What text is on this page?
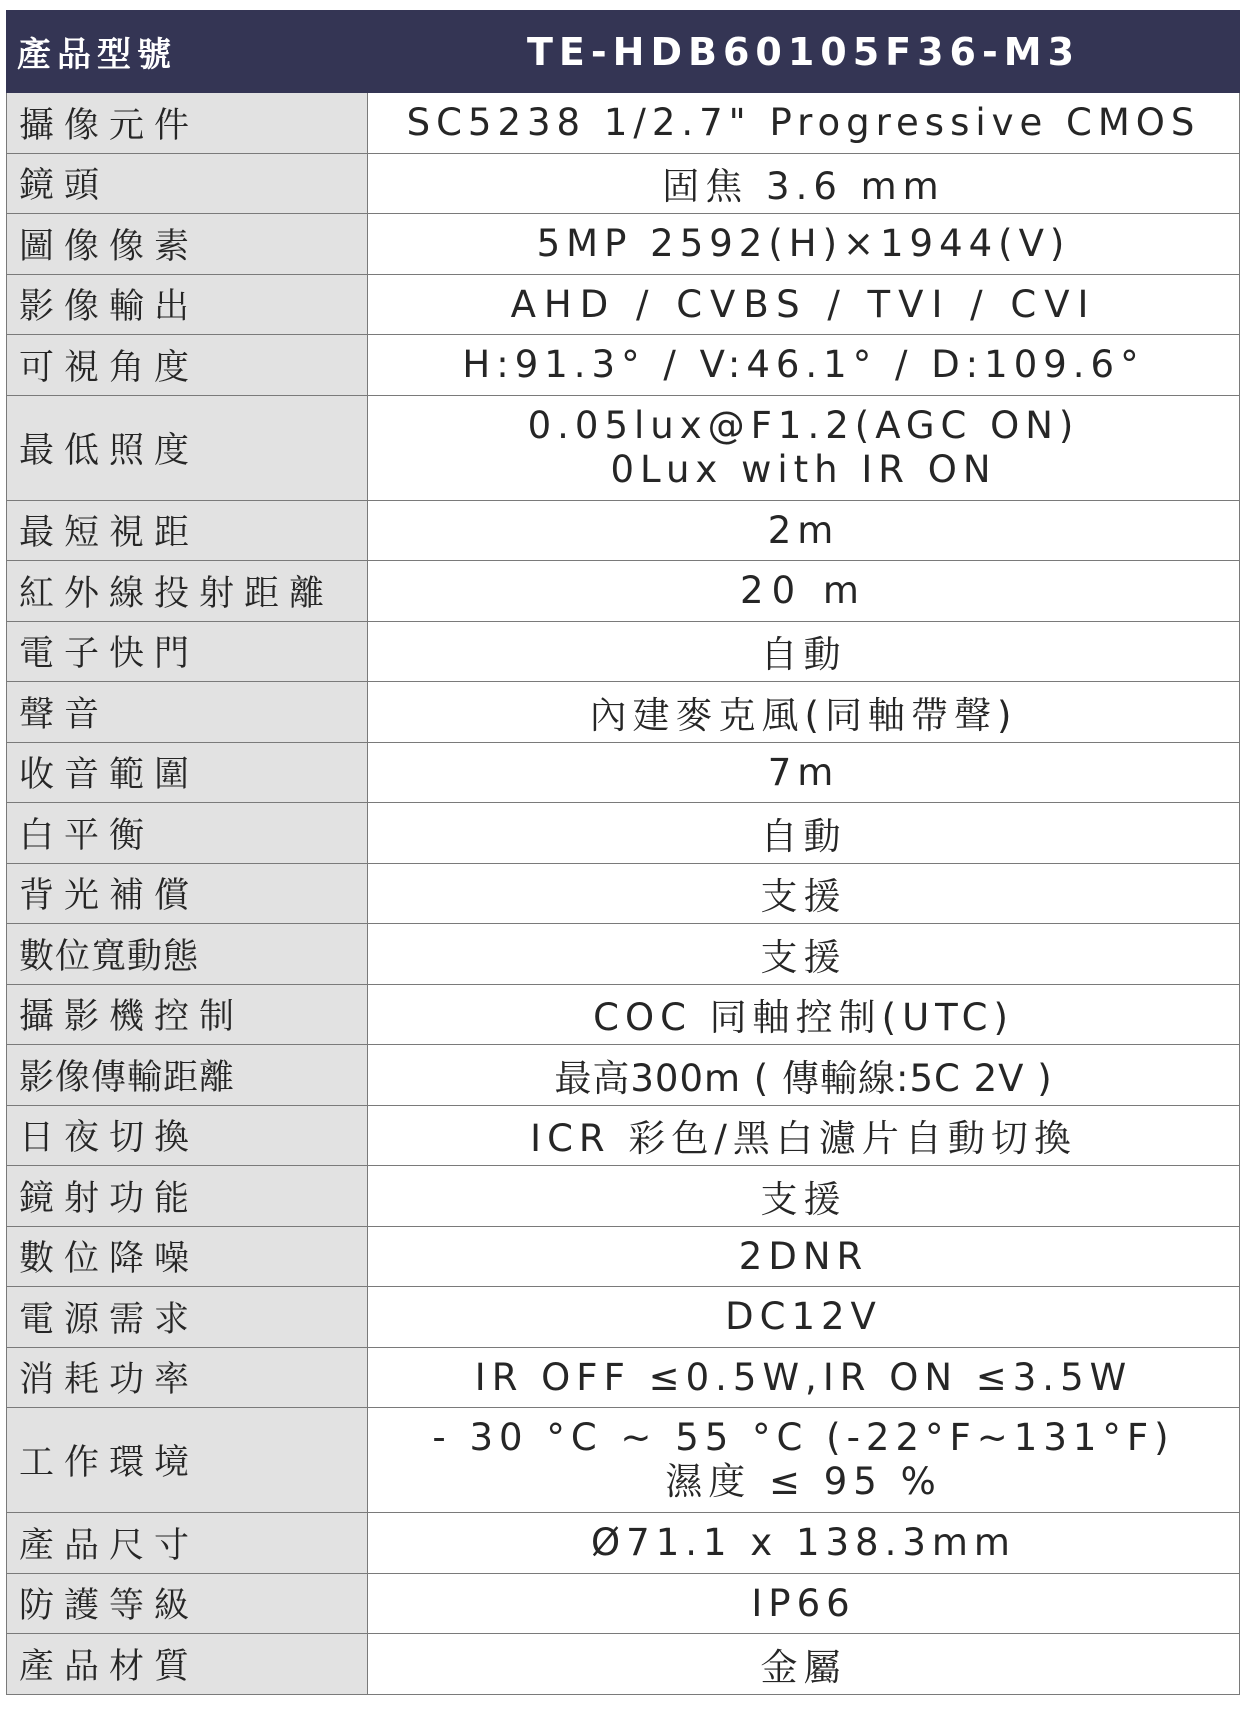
產品型號	TE-HDB60105F36-M3
攝像元件	SC5238 1/2.7" Progressive CMOS
鏡頭	固焦 3.6 mm
圖像像素	5MP 2592(H)×1944(V)
影像輸出	AHD / CVBS / TVI / CVI
可視角度	H:91.3° / V:46.1° / D:109.6°
最低照度	0.05lux@F1.2(AGC ON)
0Lux with IR ON

最短視距	2m
紅外線投射距離	20 m
電子快門	自動
聲音	內建麥克風(同軸帶聲)
收音範圍	7m
白平衡	自動
背光補償	支援
數位寬動態	支援
攝影機控制	COC 同軸控制(UTC)
影像傳輸距離	最高300m ( 傳輸線:5C 2V )
日夜切換	ICR 彩色/黑白濾片自動切換
鏡射功能	支援
數位降噪	2DNR
電源需求	DC12V
消耗功率	IR OFF ≤0.5W,IR ON ≤3.5W
工作環境	- 30 °C ~ 55 °C (-22°F~131°F)
濕度 ≤ 95 %

產品尺寸	Ø71.1 x 138.3mm
防護等級	IP66
產品材質	金屬
